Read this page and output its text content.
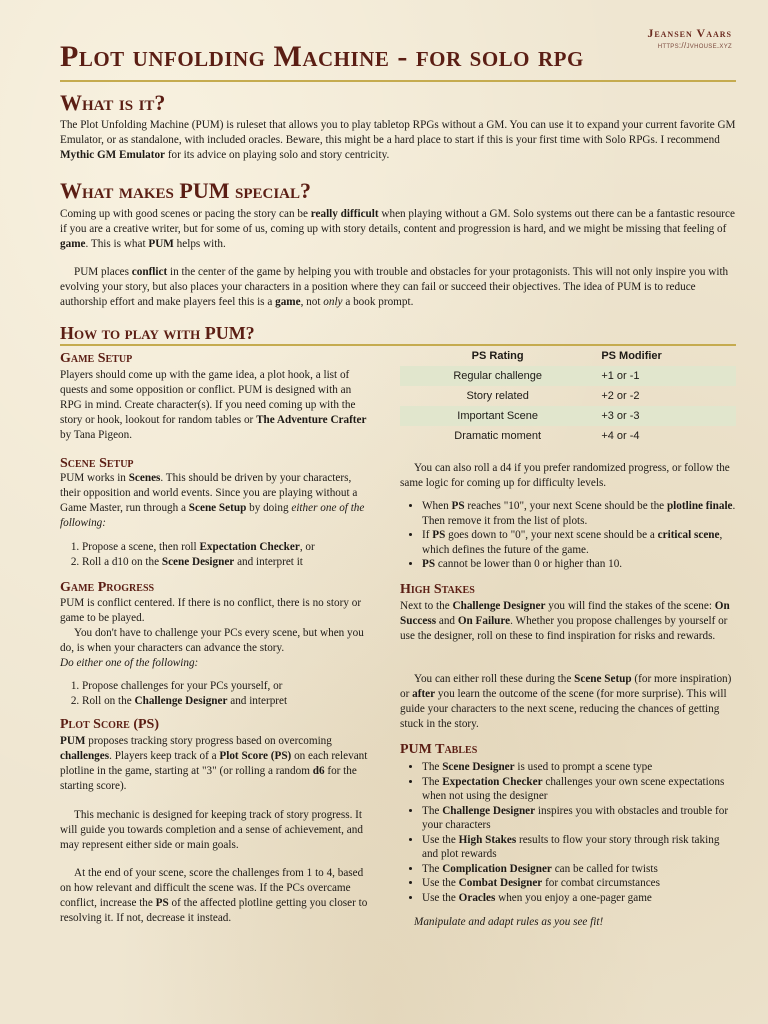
Jeansen Vaars
https://jvhouse.xyz
Plot unfolding Machine - for solo rpg
What is it?
The Plot Unfolding Machine (PUM) is ruleset that allows you to play tabletop RPGs without a GM. You can use it to expand your current favorite GM Emulator, or as standalone, with included oracles. Beware, this might be a hard place to start if this is your first time with Solo RPGs. I recommend Mythic GM Emulator for its advice on playing solo and story centricity.
What makes PUM special?
Coming up with good scenes or pacing the story can be really difficult when playing without a GM. Solo systems out there can be a fantastic resource if you are a creative writer, but for some of us, coming up with story details, content and progression is hard, and we might be missing that feeling of game. This is what PUM helps with.
PUM places conflict in the center of the game by helping you with trouble and obstacles for your protagonists. This will not only inspire you with evolving your story, but also places your characters in a position where they can fail or succeed their objectives. The idea of PUM is to reduce authorship effort and make players feel this is a game, not only a book prompt.
How to play with PUM?
Game Setup
Players should come up with the game idea, a plot hook, a list of quests and some opposition or conflict. PUM is designed with an RPG in mind. Create character(s). If you need coming up with the story or hook, lookout for random tables or The Adventure Crafter by Tana Pigeon.
Scene Setup
PUM works in Scenes. This should be driven by your characters, their opposition and world events. Since you are playing without a Game Master, run through a Scene Setup by doing either one of the following:
1. Propose a scene, then roll Expectation Checker, or
2. Roll a d10 on the Scene Designer and interpret it
Game Progress
PUM is conflict centered. If there is no conflict, there is no story or game to be played.
You don't have to challenge your PCs every scene, but when you do, is when your characters can advance the story.
Do either one of the following:
1. Propose challenges for your PCs yourself, or
2. Roll on the Challenge Designer and interpret
Plot Score (PS)
PUM proposes tracking story progress based on overcoming challenges. Players keep track of a Plot Score (PS) on each relevant plotline in the game, starting at "3" (or rolling a random d6 for the starting score).
This mechanic is designed for keeping track of story progress. It will guide you towards completion and a sense of achievement, and may represent either side or main goals.
At the end of your scene, score the challenges from 1 to 4, based on how relevant and difficult the scene was. If the PCs overcame conflict, increase the PS of the affected plotline getting you closer to resolving it. If not, decrease it instead.
PS Rating	PS Modifier
Regular challenge	+1 or -1
Story related	+2 or -2
Important Scene	+3 or -3
Dramatic moment	+4 or -4
You can also roll a d4 if you prefer randomized progress, or follow the same logic for coming up for difficulty levels.
• When PS reaches "10", your next Scene should be the plotline finale. Then remove it from the list of plots.
• If PS goes down to "0", your next scene should be a critical scene, which defines the future of the game.
• PS cannot be lower than 0 or higher than 10.
High Stakes
Next to the Challenge Designer you will find the stakes of the scene: On Success and On Failure. Whether you propose challenges by yourself or use the designer, roll on these to find inspiration for risks and rewards.
You can either roll these during the Scene Setup (for more inspiration) or after you learn the outcome of the scene (for more surprise). This will guide your characters to the next scene, reducing the chances of getting stuck in the story.
PUM Tables
• The Scene Designer is used to prompt a scene type
• The Expectation Checker challenges your own scene expectations when not using the designer
• The Challenge Designer inspires you with obstacles and trouble for your characters
• Use the High Stakes results to flow your story through risk taking and plot rewards
• The Complication Designer can be called for twists
• Use the Combat Designer for combat circumstances
• Use the Oracles when you enjoy a one-pager game
Manipulate and adapt rules as you see fit!
